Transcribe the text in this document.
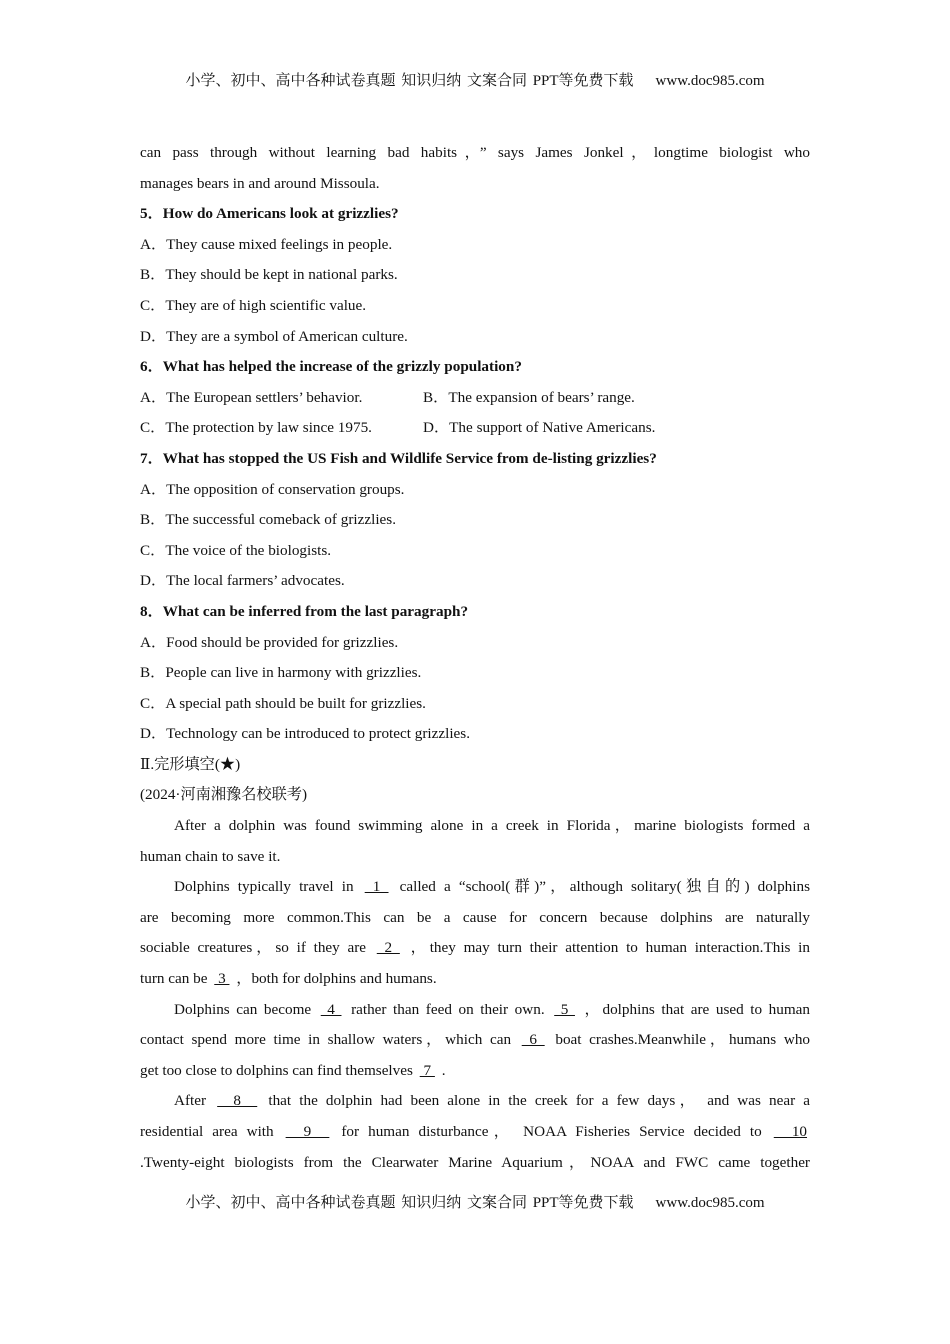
小学、初中、高中各种试卷真题 知识归纳 文案合同 PPT等免费下载 www.doc985.com
can pass through without learning bad habits，” says James Jonkel，longtime biologist who
manages bears in and around Missoula.
5．How do Americans look at grizzlies?
A．They cause mixed feelings in people.
B．They should be kept in national parks.
C．They are of high scientific value.
D．They are a symbol of American culture.
6．What has helped the increase of the grizzly population?
A．The European settlers’ behavior.	B．The expansion of bears’ range.
C．The protection by law since 1975.	D．The support of Native Americans.
7．What has stopped the US Fish and Wildlife Service from de-listing grizzlies?
A．The opposition of conservation groups.
B．The successful comeback of grizzlies.
C．The voice of the biologists.
D．The local farmers’ advocates.
8．What can be inferred from the last paragraph?
A．Food should be provided for grizzlies.
B．People can live in harmony with grizzlies.
C．A special path should be built for grizzlies.
D．Technology can be introduced to protect grizzlies.
Ⅱ.完形填空(★)
(2024·河南湘豫名校联考)
After a dolphin was found swimming alone in a creek in Florida，marine biologists formed a
human chain to save it.
Dolphins typically travel in  1  called a “school(群)”，although solitary(独自的) dolphins
are becoming more common.This can be a cause for concern because dolphins are naturally
sociable creatures，so if they are  2  ，they may turn their attention to human interaction.This in
turn can be  3  ，both for dolphins and humans.
Dolphins can become  4  rather than feed on their own.  5  ，dolphins that are used to human
contact spend more time in shallow waters，which can  6  boat crashes.Meanwhile，humans who
get too close to dolphins can find themselves  7  .
After   8   that the dolphin had been alone in the creek for a few days， and was near a
residential area with   9   for human disturbance， NOAA Fisheries Service decided to   10
.Twenty-eight biologists from the Clearwater Marine Aquarium，NOAA and FWC came together
小学、初中、高中各种试卷真题 知识归纳 文案合同 PPT等免费下载 www.doc985.com
